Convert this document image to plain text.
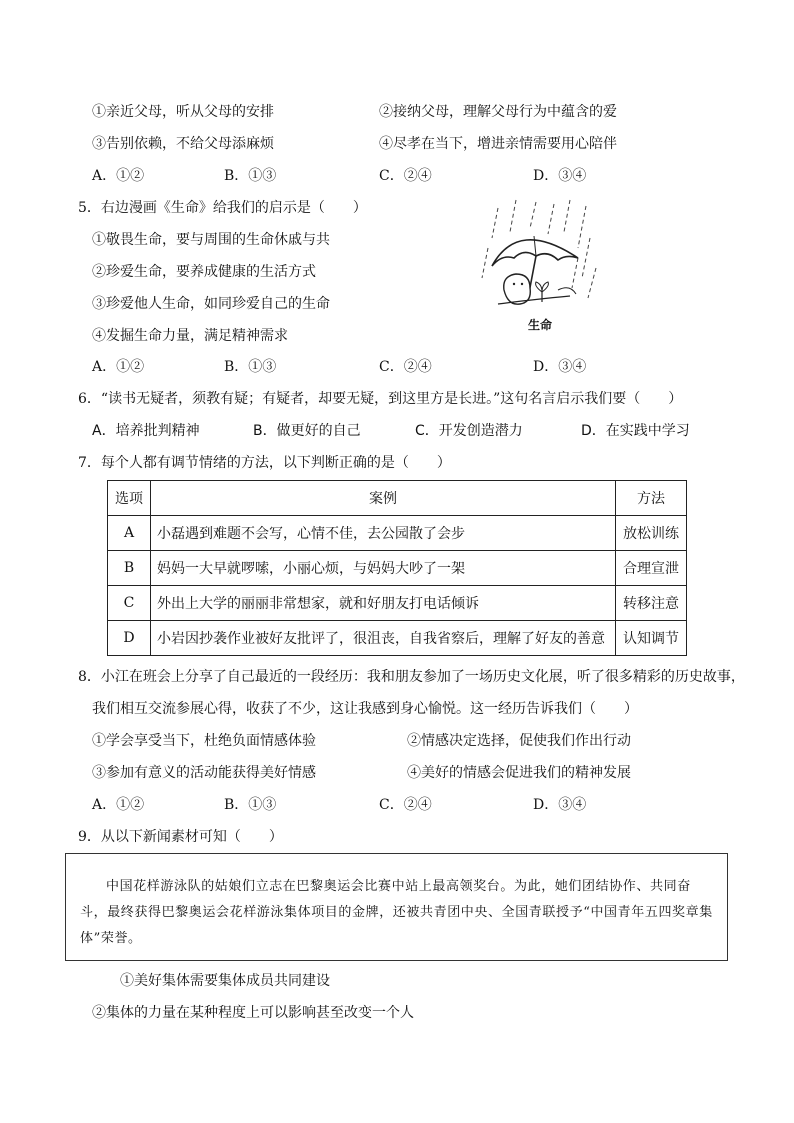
①亲近父母，听从父母的安排	②接纳父母，理解父母行为中蕴含的爱
③告别依赖，不给父母添麻烦	④尽孝在当下，增进亲情需要用心陪伴
A．①②	B．①③	C．②④	D．③④
5．右边漫画《生命》给我们的启示是（　　）
①敬畏生命，要与周围的生命休戚与共
②珍爱生命，要养成健康的生活方式
③珍爱他人生命，如同珍爱自己的生命
④发掘生命力量，满足精神需求
A．①②	B．①③	C．②④	D．③④
生命
6．“读书无疑者，须教有疑；有疑者，却要无疑，到这里方是长进。”这句名言启示我们要（　　）
A．培养批判精神	B．做更好的自己	C．开发创造潜力	D．在实践中学习
7．每个人都有调节情绪的方法，以下判断正确的是（　　）
选项	案例	方法
A	小磊遇到难题不会写，心情不佳，去公园散了会步	放松训练
B	妈妈一大早就啰嗦，小丽心烦，与妈妈大吵了一架	合理宣泄
C	外出上大学的丽丽非常想家，就和好朋友打电话倾诉	转移注意
D	小岩因抄袭作业被好友批评了，很沮丧，自我省察后，理解了好友的善意	认知调节
8．小江在班会上分享了自己最近的一段经历：我和朋友参加了一场历史文化展，听了很多精彩的历史故事，
我们相互交流参展心得，收获了不少，这让我感到身心愉悦。这一经历告诉我们（　　）
①学会享受当下，杜绝负面情感体验	②情感决定选择，促使我们作出行动
③参加有意义的活动能获得美好情感	④美好的情感会促进我们的精神发展
A．①②	B．①③	C．②④	D．③④
9．从以下新闻素材可知（　　）

中国花样游泳队的姑娘们立志在巴黎奥运会比赛中站上最高领奖台。为此，她们团结协作、共同奋斗，最终获得巴黎奥运会花样游泳集体项目的金牌，还被共青团中央、全国青联授予“中国青年五四奖章集体”荣誉。

①美好集体需要集体成员共同建设
②集体的力量在某种程度上可以影响甚至改变一个人
